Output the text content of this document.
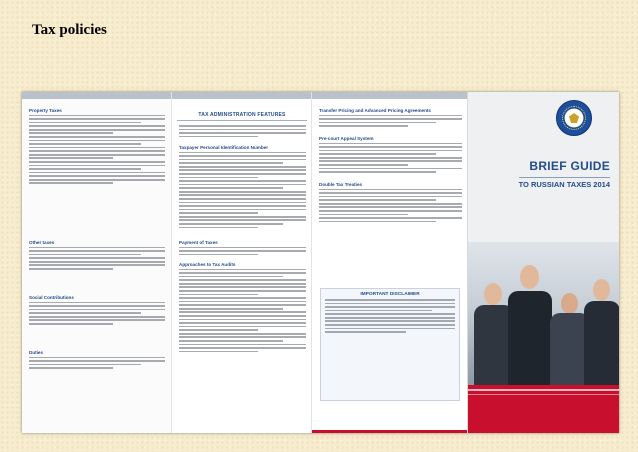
Tax policies
Property Taxes
Other taxes
Social Contributions
Duties
TAX ADMINISTRATION FEATURES
Taxpayer Personal Identification Number
Payment of Taxes
Approaches to Tax Audits
Transfer Pricing and Advanced Pricing Agreements
Pre-court Appeal System
Double Tax Treaties
IMPORTANT DISCLAIMER
BRIEF GUIDE
TO RUSSIAN TAXES 2014
